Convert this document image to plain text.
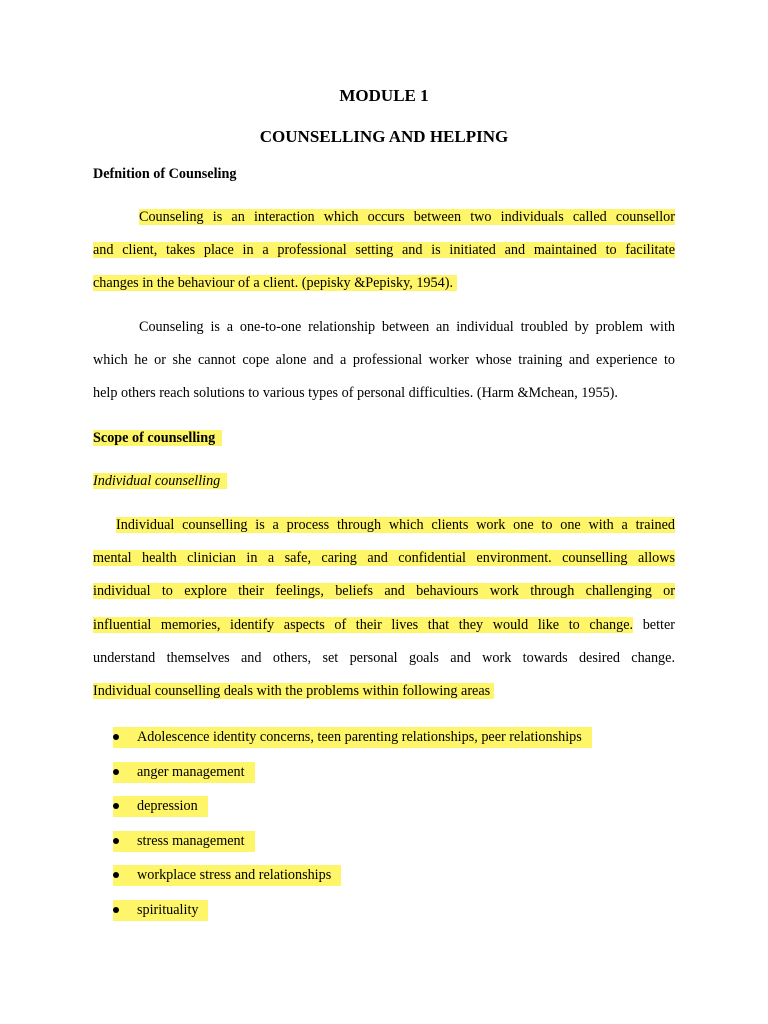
MODULE 1
COUNSELLING AND HELPING

Defnition of Counseling

Counseling is an interaction which occurs between two individuals called counsellor
and client, takes place in a professional setting and is initiated and maintained to facilitate
changes in the behaviour of a client. (pepisky &Pepisky, 1954).

Counseling is a one-to-one relationship between an individual troubled by problem with
which he or she cannot cope alone and a professional worker whose training and experience to
help others reach solutions to various types of personal difficulties. (Harm &Mchean, 1955).

Scope of counselling

Individual counselling

Individual counselling is a process through which clients work one to one with a trained
mental health clinician in a safe, caring and confidential environment. counselling allows
individual to explore their feelings, beliefs and behaviours work through challenging or
influential memories, identify aspects of their lives that they would like to change. better
understand themselves and others, set personal goals and work towards desired change.
Individual counselling deals with the problems within following areas

Adolescence identity concerns, teen parenting relationships, peer relationships
anger management
depression
stress management
workplace stress and relationships
spirituality
